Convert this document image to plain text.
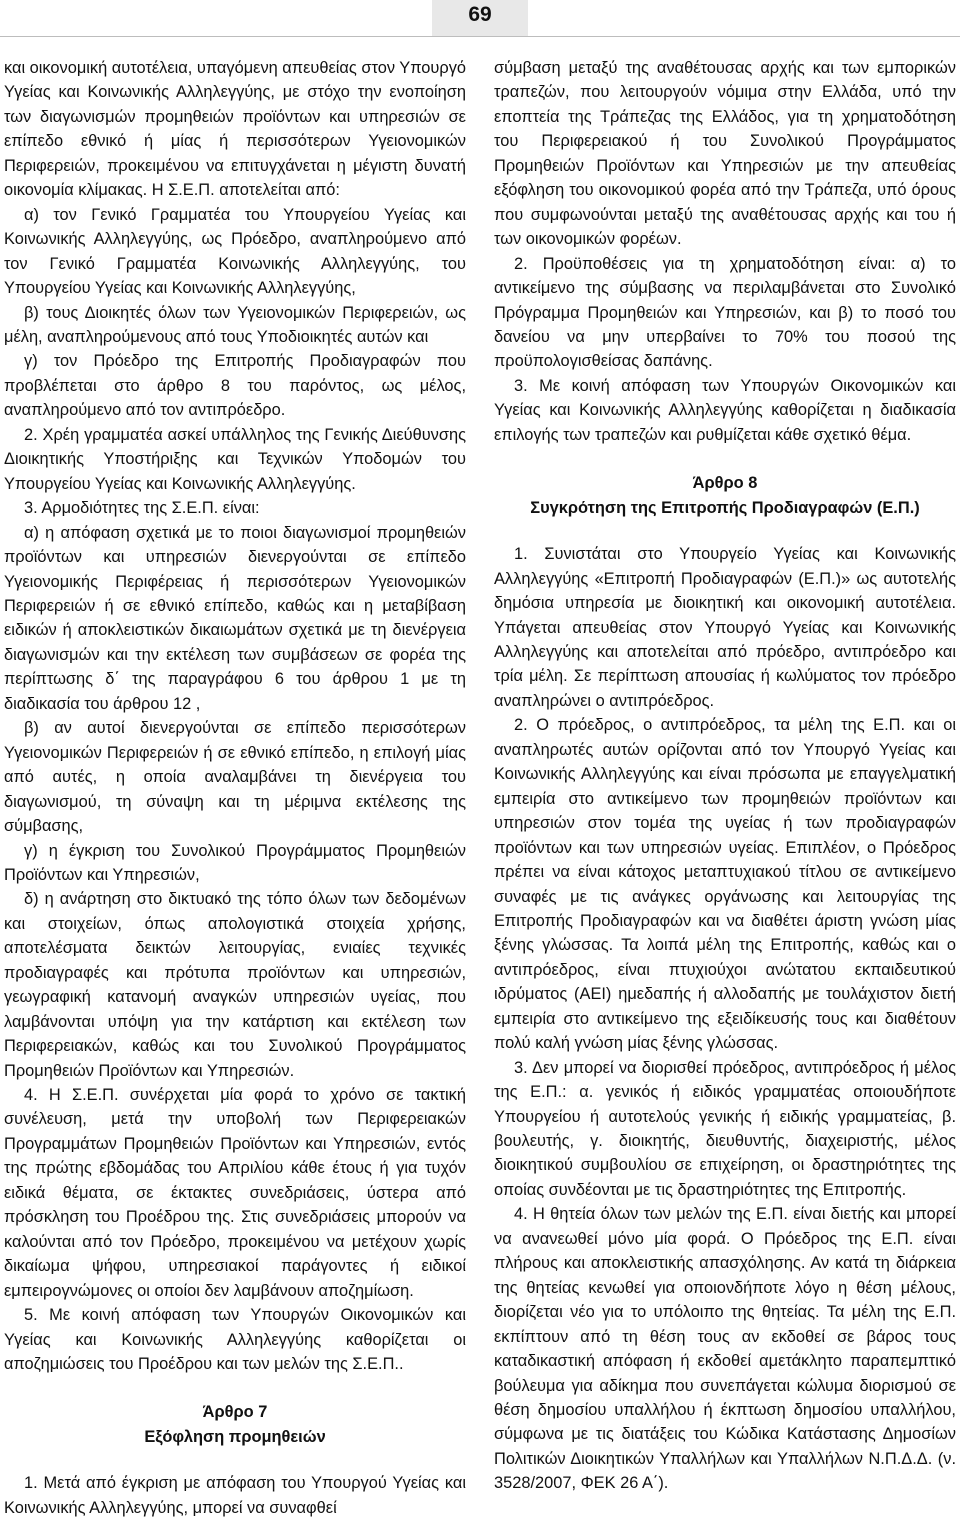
69

και οικονομική αυτοτέλεια, υπαγόμενη απευθείας στον Υπουργό Υγείας και Κοινωνικής Αλληλεγγύης, με στόχο την ενοποίηση των διαγωνισμών προμηθειών προϊόντων και υπηρεσιών σε επίπεδο εθνικό ή μίας ή περισσότερων Υγειονομικών Περιφερειών, προκειμένου να επιτυγχάνεται η μέγιστη δυνατή οικονομία κλίμακας. Η Σ.Ε.Π. αποτελείται από:

α) τον Γενικό Γραμματέα του Υπουργείου Υγείας και Κοινωνικής Αλληλεγγύης, ως Πρόεδρο, αναπληρούμενο από τον Γενικό Γραμματέα Κοινωνικής Αλληλεγγύης, του Υπουργείου Υγείας και Κοινωνικής Αλληλεγγύης,

β) τους Διοικητές όλων των Υγειονομικών Περιφερειών, ως μέλη, αναπληρούμενους από τους Υποδιοικητές αυτών και

γ) τον Πρόεδρο της Επιτροπής Προδιαγραφών που προβλέπεται στο άρθρο 8 του παρόντος, ως μέλος, αναπληρούμενο από τον αντιπρόεδρο.

2. Χρέη γραμματέα ασκεί υπάλληλος της Γενικής Διεύθυνσης Διοικητικής Υποστήριξης και Τεχνικών Υποδομών του Υπουργείου Υγείας και Κοινωνικής Αλληλεγγύης.

3. Αρμοδιότητες της Σ.Ε.Π. είναι:

α) η απόφαση σχετικά με το ποιοι διαγωνισμοί προμηθειών προϊόντων και υπηρεσιών διενεργούνται σε επίπεδο Υγειονομικής Περιφέρειας ή περισσότερων Υγειονομικών Περιφερειών ή σε εθνικό επίπεδο, καθώς και η μεταβίβαση ειδικών ή αποκλειστικών δικαιωμάτων σχετικά με τη διενέργεια διαγωνισμών και την εκτέλεση των συμβάσεων σε φορέα της περίπτωσης δ΄ της παραγράφου 6 του άρθρου 1 με τη διαδικασία του άρθρου 12 ,

β) αν αυτοί διενεργούνται σε επίπεδο περισσότερων Υγειονομικών Περιφερειών ή σε εθνικό επίπεδο, η επιλογή μίας από αυτές, η οποία αναλαμβάνει τη διενέργεια του διαγωνισμού, τη σύναψη και τη μέριμνα εκτέλεσης της σύμβασης,

γ) η έγκριση του Συνολικού Προγράμματος Προμηθειών Προϊόντων και Υπηρεσιών,

δ) η ανάρτηση στο δικτυακό της τόπο όλων των δεδομένων και στοιχείων, όπως απολογιστικά στοιχεία χρήσης, αποτελέσματα δεικτών λειτουργίας, ενιαίες τεχνικές προδιαγραφές και πρότυπα προϊόντων και υπηρεσιών, γεωγραφική κατανομή αναγκών υπηρεσιών υγείας, που λαμβάνονται υπόψη για την κατάρτιση και εκτέλεση των Περιφερειακών, καθώς και του Συνολικού Προγράμματος Προμηθειών Προϊόντων και Υπηρεσιών.

4. Η Σ.Ε.Π. συνέρχεται μία φορά το χρόνο σε τακτική συνέλευση, μετά την υποβολή των Περιφερειακών Προγραμμάτων Προμηθειών Προϊόντων και Υπηρεσιών, εντός της πρώτης εβδομάδας του Απριλίου κάθε έτους ή για τυχόν ειδικά θέματα, σε έκτακτες συνεδριάσεις, ύστερα από πρόσκληση του Προέδρου της. Στις συνεδριάσεις μπορούν να καλούνται από τον Πρόεδρο, προκειμένου να μετέχουν χωρίς δικαίωμα ψήφου, υπηρεσιακοί παράγοντες ή ειδικοί εμπειρογνώμονες οι οποίοι δεν λαμβάνουν αποζημίωση.

5. Με κοινή απόφαση των Υπουργών Οικονομικών και Υγείας και Κοινωνικής Αλληλεγγύης καθορίζεται οι αποζημιώσεις του Προέδρου και των μελών της Σ.Ε.Π..

Άρθρο 7

Εξόφληση προμηθειών

1. Μετά από έγκριση με απόφαση του Υπουργού Υγείας και Κοινωνικής Αλληλεγγύης, μπορεί να συναφθεί

σύμβαση μεταξύ της αναθέτουσας αρχής και των εμπορικών τραπεζών, που λειτουργούν νόμιμα στην Ελλάδα, υπό την εποπτεία της Τράπεζας της Ελλάδος, για τη χρηματοδότηση του Περιφερειακού ή του Συνολικού Προγράμματος Προμηθειών Προϊόντων και Υπηρεσιών με την απευθείας εξόφληση του οικονομικού φορέα από την Τράπεζα, υπό όρους που συμφωνούνται μεταξύ της αναθέτουσας αρχής και του ή των οικονομικών φορέων.

2. Προϋποθέσεις για τη χρηματοδότηση είναι: α) το αντικείμενο της σύμβασης να περιλαμβάνεται στο Συνολικό Πρόγραμμα Προμηθειών και Υπηρεσιών, και β) το ποσό του δανείου να μην υπερβαίνει το 70% του ποσού της προϋπολογισθείσας δαπάνης.

3. Με κοινή απόφαση των Υπουργών Οικονομικών και Υγείας και Κοινωνικής Αλληλεγγύης καθορίζεται η διαδικασία επιλογής των τραπεζών και ρυθμίζεται κάθε σχετικό θέμα.

Άρθρο 8

Συγκρότηση της Επιτροπής Προδιαγραφών (Ε.Π.)

1. Συνιστάται στο Υπουργείο Υγείας και Κοινωνικής Αλληλεγγύης «Επιτροπή Προδιαγραφών (Ε.Π.)» ως αυτοτελής δημόσια υπηρεσία με διοικητική και οικονομική αυτοτέλεια. Υπάγεται απευθείας στον Υπουργό Υγείας και Κοινωνικής Αλληλεγγύης και αποτελείται από πρόεδρο, αντιπρόεδρο και τρία μέλη. Σε περίπτωση απουσίας ή κωλύματος τον πρόεδρο αναπληρώνει ο αντιπρόεδρος.

2. Ο πρόεδρος, ο αντιπρόεδρος, τα μέλη της Ε.Π. και οι αναπληρωτές αυτών ορίζονται από τον Υπουργό Υγείας και Κοινωνικής Αλληλεγγύης και είναι πρόσωπα με επαγγελματική εμπειρία στο αντικείμενο των προμηθειών προϊόντων και υπηρεσιών στον τομέα της υγείας ή των προδιαγραφών προϊόντων και των υπηρεσιών υγείας. Επιπλέον, ο Πρόεδρος πρέπει να είναι κάτοχος μεταπτυχιακού τίτλου σε αντικείμενο συναφές με τις ανάγκες οργάνωσης και λειτουργίας της Επιτροπής Προδιαγραφών και να διαθέτει άριστη γνώση μίας ξένης γλώσσας. Τα λοιπά μέλη της Επιτροπής, καθώς και ο αντιπρόεδρος, είναι πτυχιούχοι ανώτατου εκπαιδευτικού ιδρύματος (ΑΕΙ) ημεδαπής ή αλλοδαπής με τουλάχιστον διετή εμπειρία στο αντικείμενο της εξειδίκευσής τους και διαθέτουν πολύ καλή γνώση μίας ξένης γλώσσας.

3. Δεν μπορεί να διορισθεί πρόεδρος, αντιπρόεδρος ή μέλος της Ε.Π.: α. γενικός ή ειδικός γραμματέας οποιουδήποτε Υπουργείου ή αυτοτελούς γενικής ή ειδικής γραμματείας, β. βουλευτής, γ. διοικητής, διευθυντής, διαχειριστής, μέλος διοικητικού συμβουλίου σε επιχείρηση, οι δραστηριότητες της οποίας συνδέονται με τις δραστηριότητες της Επιτροπής.

4. Η θητεία όλων των μελών της Ε.Π. είναι διετής και μπορεί να ανανεωθεί μόνο μία φορά. Ο Πρόεδρος της Ε.Π. είναι πλήρους και αποκλειστικής απασχόλησης. Αν κατά τη διάρκεια της θητείας κενωθεί για οποιονδήποτε λόγο η θέση μέλους, διορίζεται νέο για το υπόλοιπο της θητείας. Τα μέλη της Ε.Π. εκπίπτουν από τη θέση τους αν εκδοθεί σε βάρος τους καταδικαστική απόφαση ή εκδοθεί αμετάκλητο παραπεμπτικό βούλευμα για αδίκημα που συνεπάγεται κώλυμα διορισμού σε θέση δημοσίου υπαλλήλου ή έκπτωση δημοσίου υπαλλήλου, σύμφωνα με τις διατάξεις του Κώδικα Κατάστασης Δημοσίων Πολιτικών Διοικητικών Υπαλλήλων και Υπαλλήλων Ν.Π.Δ.Δ. (ν. 3528/2007, ΦΕΚ 26 Α΄).
